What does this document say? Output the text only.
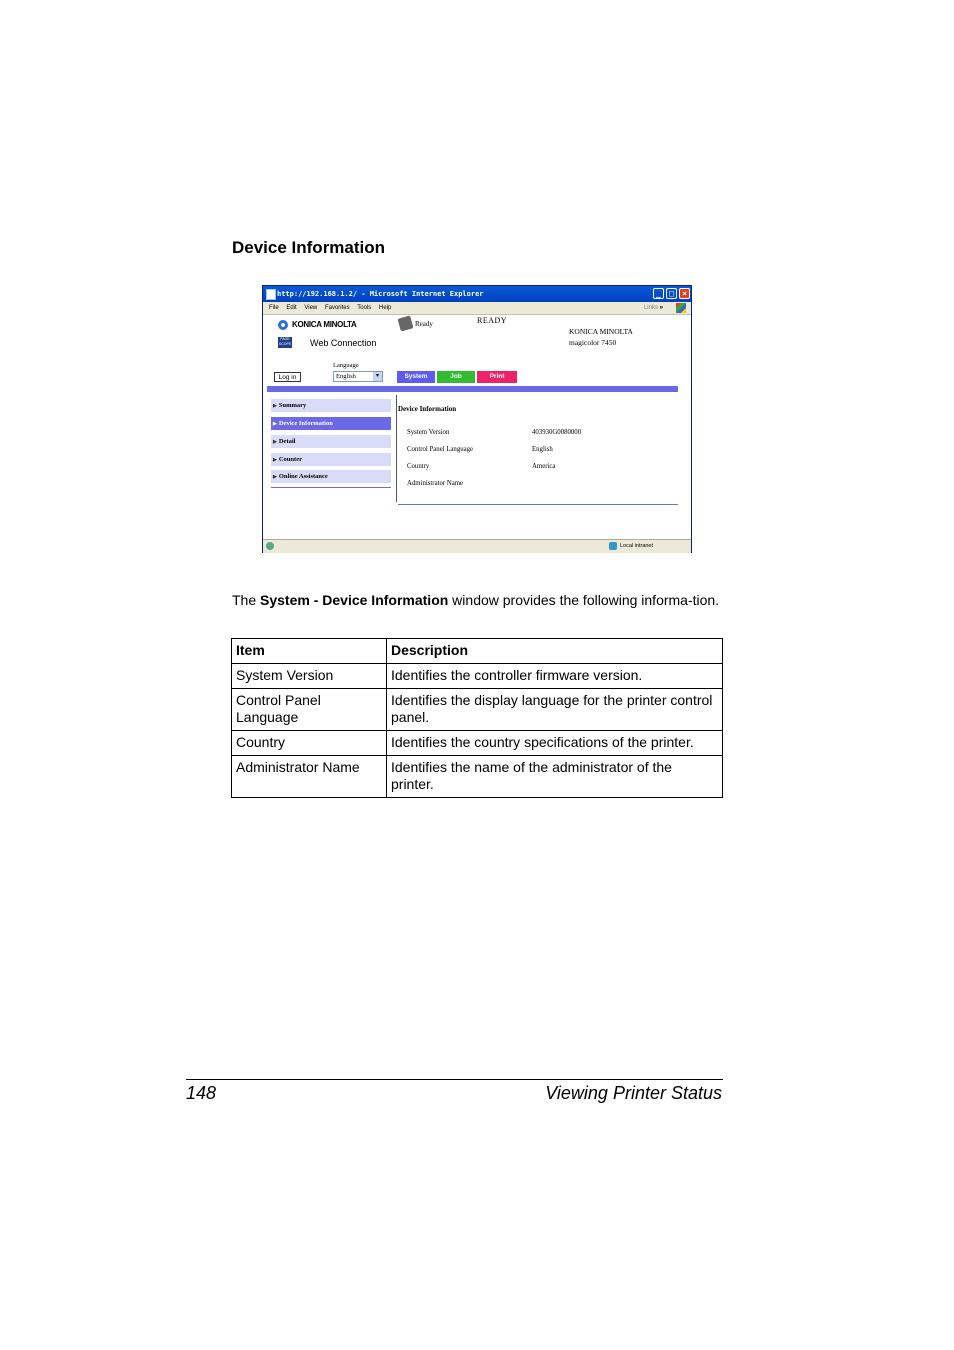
Device Information
http://192.168.1.2/ - Microsoft Internet Explorer	_	□	×
File Edit View Favorites Tools Help	Links »
KONICA MINOLTA
PAGE SCOPE Web Connection
Ready	READY
KONICA MINOLTA
magicolor 7450
Language
English	▾
Log in	System	Job	Print
▶ Summary
▶ Device Information
▶ Detail
▶ Counter
▶ Online Assistance
Device Information
System Version	403930G0080000
Control Panel Language	English
Country	America
Administrator Name
Local intranet
The System - Device Information window provides the following informa-tion.
Item	Description
System Version	Identifies the controller firmware version.
Control Panel Language	Identifies the display language for the printer control panel.
Country	Identifies the country specifications of the printer.
Administrator Name	Identifies the name of the administrator of the printer.
148	Viewing Printer Status
